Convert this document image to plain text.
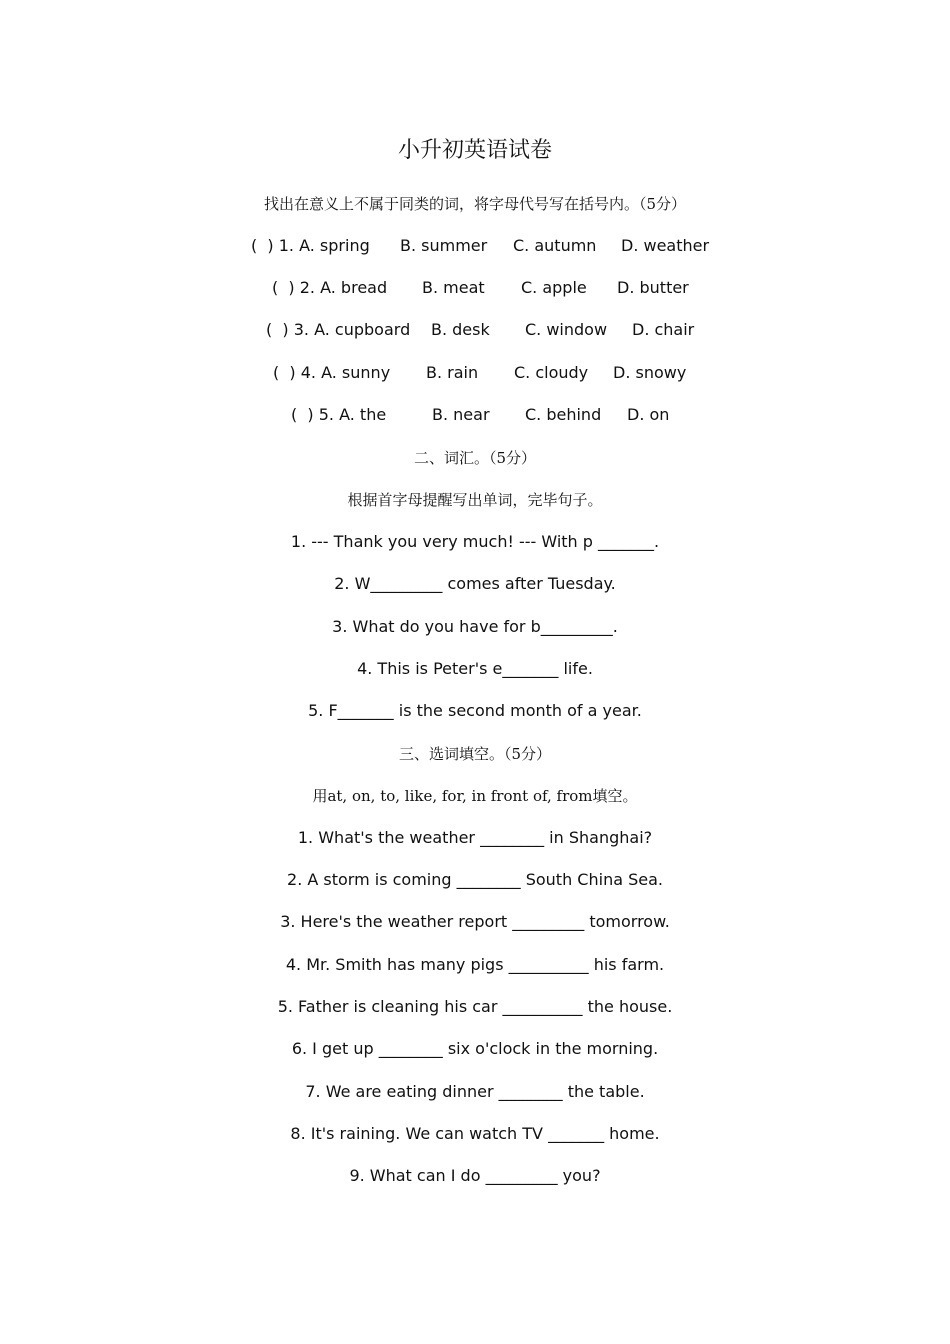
小升初英语试卷
找出在意义上不属于同类的词，将字母代号写在括号内。（5分）

(  ) 1. A. spring

B. summer

C. autumn

D. weather

(  ) 2. A. bread

B. meat

C. apple

D. butter

(  ) 3. A. cupboard

B. desk

C. window

D. chair

(  ) 4. A. sunny

B. rain

C. cloudy

D. snowy

(  ) 5. A. the

	B. near

C. behind

D. on

二、词汇。（5分）
根据首字母提醒写出单词，完毕句子。
1. --- Thank you very much! --- With p _______.
2. W_________ comes after Tuesday.
3. What do you have for b_________.
4. This is Peter's e_______ life.
5. F_______ is the second month of a year.
三、选词填空。（5分）
用at, on, to, like, for, in front of, from填空。
1. What's the weather ________ in Shanghai?
2. A storm is coming ________ South China Sea.
3. Here's the weather report _________ tomorrow.
4. Mr. Smith has many pigs __________ his farm.
5. Father is cleaning his car __________ the house.
6. I get up ________ six o'clock in the morning.
7. We are eating dinner ________ the table.
8. It's raining. We can watch TV _______ home.
9. What can I do _________ you?
